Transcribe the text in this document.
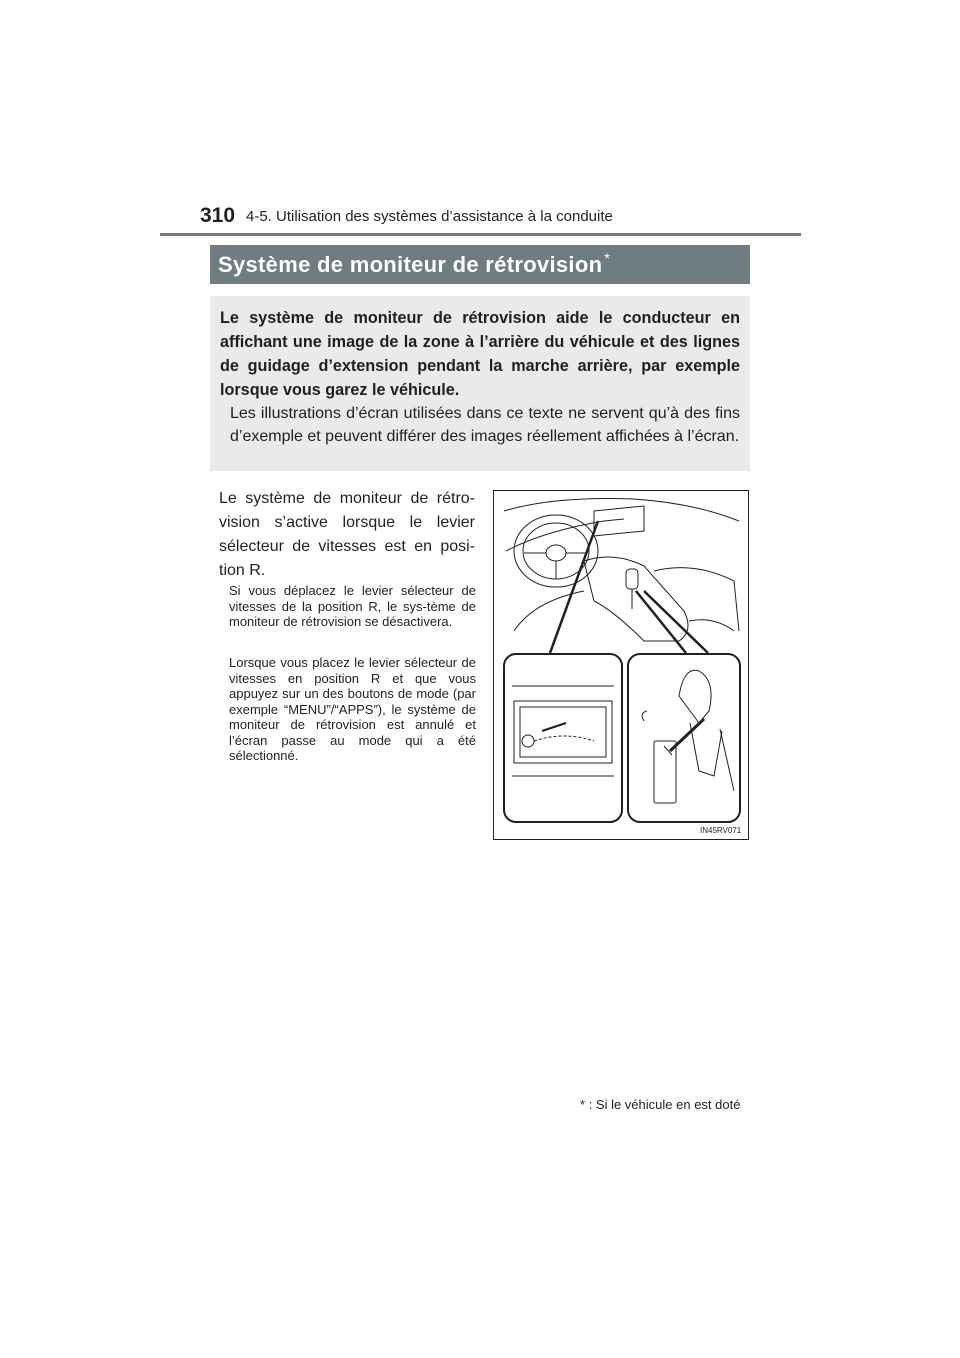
310 4-5. Utilisation des systèmes d’assistance à la conduite
Système de moniteur de rétrovision *
Le système de moniteur de rétrovision aide le conducteur en affichant une image de la zone à l’arrière du véhicule et des lignes de guidage d’extension pendant la marche arrière, par exemple lorsque vous garez le véhicule.
Les illustrations d’écran utilisées dans ce texte ne servent qu’à des fins d’exemple et peuvent différer des images réellement affichées à l’écran.
Le système de moniteur de rétro-vision s’active lorsque le levier sélecteur de vitesses est en posi-tion R.
Si vous déplacez le levier sélecteur de vitesses de la position R, le sys-tème de moniteur de rétrovision se désactivera.
Lorsque vous placez le levier sélecteur de vitesses en position R et que vous appuyez sur un des boutons de mode (par exemple “MENU”/“APPS”), le système de moniteur de rétrovision est annulé et l’écran passe au mode qui a été sélectionné.
IN45RV071
* : Si le véhicule en est doté
